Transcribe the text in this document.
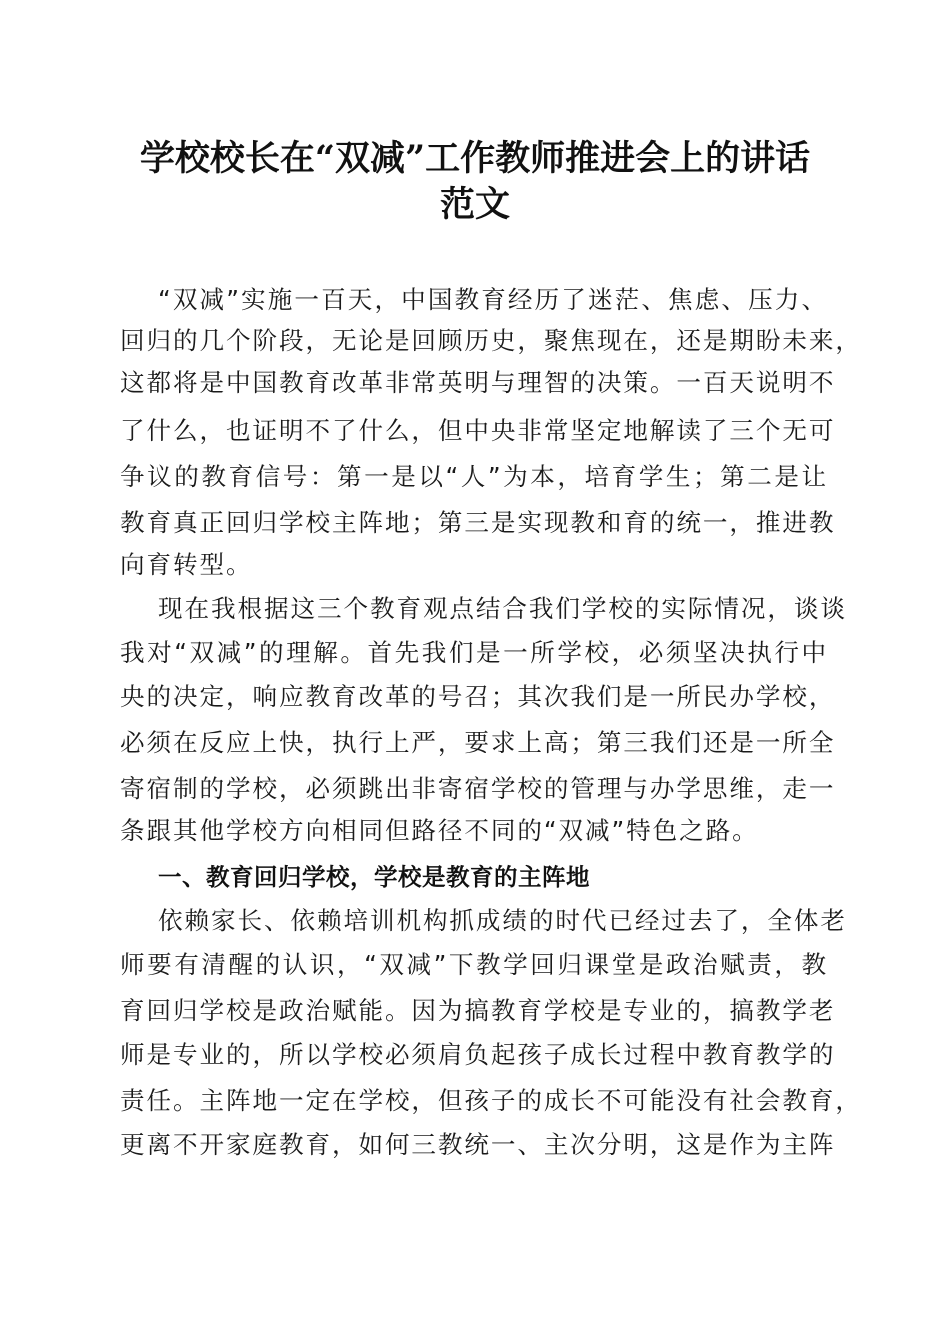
学校校长在“双减”工作教师推进会上的讲话
范文
“双减”实施一百天，中国教育经历了迷茫、焦虑、压力、
回归的几个阶段，无论是回顾历史，聚焦现在，还是期盼未来，
这都将是中国教育改革非常英明与理智的决策。一百天说明不
了什么，也证明不了什么，但中央非常坚定地解读了三个无可
争议的教育信号：第一是以“人”为本，培育学生；第二是让
教育真正回归学校主阵地；第三是实现教和育的统一，推进教
向育转型。
现在我根据这三个教育观点结合我们学校的实际情况，谈谈
我对“双减”的理解。首先我们是一所学校，必须坚决执行中
央的决定，响应教育改革的号召；其次我们是一所民办学校，
必须在反应上快，执行上严，要求上高；第三我们还是一所全
寄宿制的学校，必须跳出非寄宿学校的管理与办学思维，走一
条跟其他学校方向相同但路径不同的“双减”特色之路。
一、教育回归学校，学校是教育的主阵地
依赖家长、依赖培训机构抓成绩的时代已经过去了，全体老
师要有清醒的认识，“双减”下教学回归课堂是政治赋责，教
育回归学校是政治赋能。因为搞教育学校是专业的，搞教学老
师是专业的，所以学校必须肩负起孩子成长过程中教育教学的
责任。主阵地一定在学校，但孩子的成长不可能没有社会教育，
更离不开家庭教育，如何三教统一、主次分明，这是作为主阵
